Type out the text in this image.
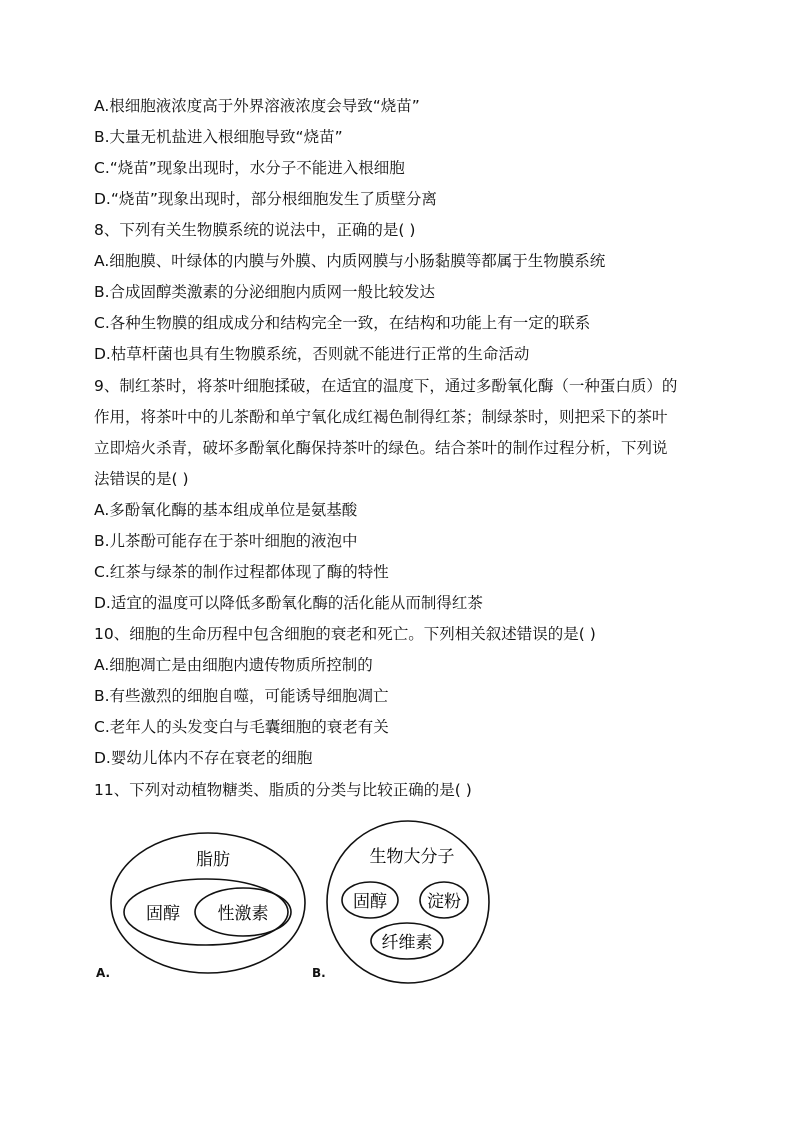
A.根细胞液浓度高于外界溶液浓度会导致“烧苗”
B.大量无机盐进入根细胞导致“烧苗”
C.“烧苗”现象出现时，水分子不能进入根细胞
D.“烧苗”现象出现时，部分根细胞发生了质壁分离
8、下列有关生物膜系统的说法中，正确的是( )
A.细胞膜、叶绿体的内膜与外膜、内质网膜与小肠黏膜等都属于生物膜系统
B.合成固醇类激素的分泌细胞内质网一般比较发达
C.各种生物膜的组成成分和结构完全一致，在结构和功能上有一定的联系
D.枯草杆菌也具有生物膜系统，否则就不能进行正常的生命活动
9、制红茶时，将茶叶细胞揉破，在适宜的温度下，通过多酚氧化酶（一种蛋白质）的
作用，将茶叶中的儿茶酚和单宁氧化成红褐色制得红茶；制绿茶时，则把采下的茶叶
立即焙火杀青，破坏多酚氧化酶保持茶叶的绿色。结合茶叶的制作过程分析，下列说
法错误的是( )
A.多酚氧化酶的基本组成单位是氨基酸
B.儿茶酚可能存在于茶叶细胞的液泡中
C.红茶与绿茶的制作过程都体现了酶的特性
D.适宜的温度可以降低多酚氧化酶的活化能从而制得红茶
10、细胞的生命历程中包含细胞的衰老和死亡。下列相关叙述错误的是( )
A.细胞凋亡是由细胞内遗传物质所控制的
B.有些激烈的细胞自噬，可能诱导细胞凋亡
C.老年人的头发变白与毛囊细胞的衰老有关
D.婴幼儿体内不存在衰老的细胞
11、下列对动植物糖类、脂质的分类与比较正确的是( )
脂肪
固醇 性激素
A.
生物大分子
固醇 淀粉
纤维素
B.
